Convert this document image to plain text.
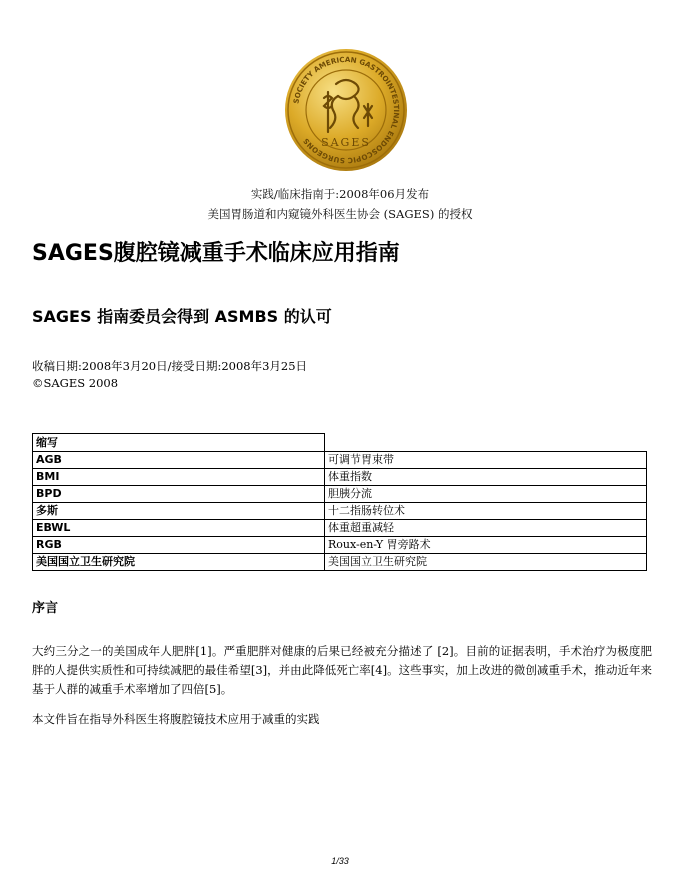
SOCIETY AMERICAN GASTROINTESTINAL ENDOSCOPIC SURGEONS SAGES
实践/临床指南于:2008年06月发布
美国胃肠道和内窥镜外科医生协会 (SAGES) 的授权
SAGES腹腔镜减重手术临床应用指南
SAGES 指南委员会得到 ASMBS 的认可
收稿日期:2008年3月20日/接受日期:2008年3月25日
©SAGES 2008
缩写	
AGB	可调节胃束带
BMI	体重指数
BPD	胆胰分流
多斯	十二指肠转位术
EBWL	体重超重减轻
RGB	Roux-en-Y 胃旁路术
美国国立卫生研究院	美国国立卫生研究院
序言
大约三分之一的美国成年人肥胖[1]。严重肥胖对健康的后果已经被充分描述了 [2]。目前的证据表明，手术治疗为极度肥胖的人提供实质性和可持续减肥的最佳希望[3]，并由此降低死亡率[4]。这些事实，加上改进的微创减重手术，推动近年来基于人群的减重手术率增加了四倍[5]。
本文件旨在指导外科医生将腹腔镜技术应用于减重的实践
1/33
